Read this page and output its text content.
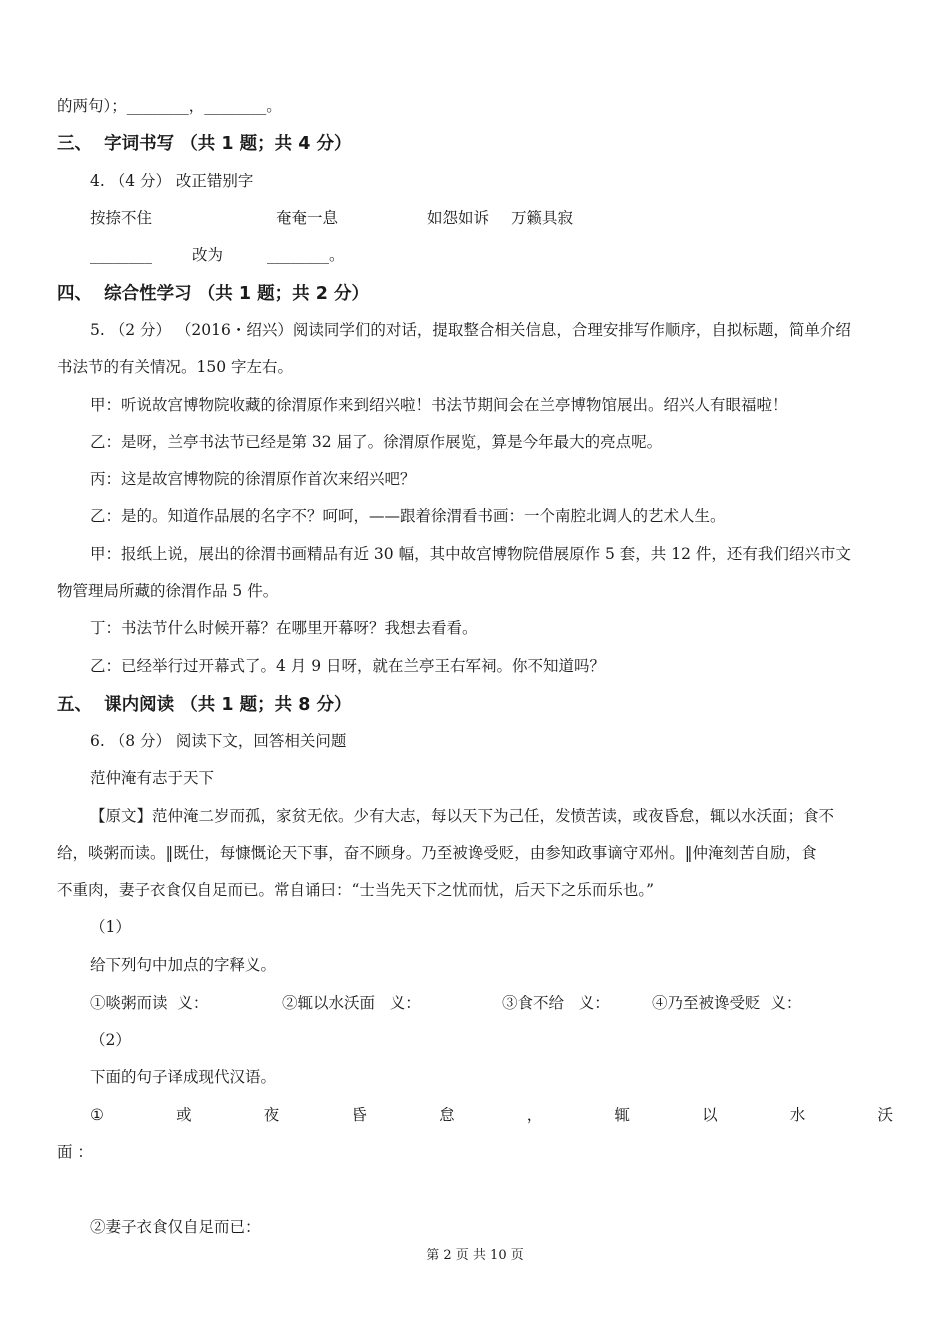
的两句）；________，________。
三、  字词书写 （共 1 题；共 4 分）
4. （4 分） 改正错别字
按捺不住	奄奄一息	如怨如诉 万籁具寂
________	改为	________。
四、  综合性学习 （共 1 题；共 2 分）
5. （2 分） （2016・绍兴）阅读同学们的对话，提取整合相关信息，合理安排写作顺序，自拟标题，简单介绍
书法节的有关情况。150 字左右。
甲：听说故宫博物院收藏的徐渭原作来到绍兴啦！书法节期间会在兰亭博物馆展出。绍兴人有眼福啦！
乙：是呀，兰亭书法节已经是第 32 届了。徐渭原作展览，算是今年最大的亮点呢。
丙：这是故宫博物院的徐渭原作首次来绍兴吧？
乙：是的。知道作品展的名字不？呵呵，——跟着徐渭看书画：一个南腔北调人的艺术人生。
甲：报纸上说，展出的徐渭书画精品有近 30 幅，其中故宫博物院借展原作 5 套，共 12 件，还有我们绍兴市文
物管理局所藏的徐渭作品 5 件。
丁：书法节什么时候开幕？在哪里开幕呀？我想去看看。
乙：已经举行过开幕式了。4 月 9 日呀，就在兰亭王右军祠。你不知道吗？
五、  课内阅读 （共 1 题；共 8 分）
6. （8 分） 阅读下文，回答相关问题
范仲淹有志于天下
【原文】范仲淹二岁而孤，家贫无依。少有大志，每以天下为己任，发愤苦读，或夜昏怠，辄以水沃面；食不
给，啖粥而读。‖既仕，每慷慨论天下事，奋不顾身。乃至被谗受贬，由参知政事谪守邓州。‖仲淹刻苦自励，食
不重肉，妻子衣食仅自足而已。常自诵曰：“士当先天下之忧而忧，后天下之乐而乐也。”
（1）
给下列句中加点的字释义。
①啖粥而读  义：	②辄以水沃面   义：	③食不给   义：	④乃至被谗受贬  义：
（2）
下面的句子译成现代汉语。
①	或	夜	昏	怠	，	辄	以	水	沃
面 ：
②妻子衣食仅自足而已：
第 2 页 共 10 页
